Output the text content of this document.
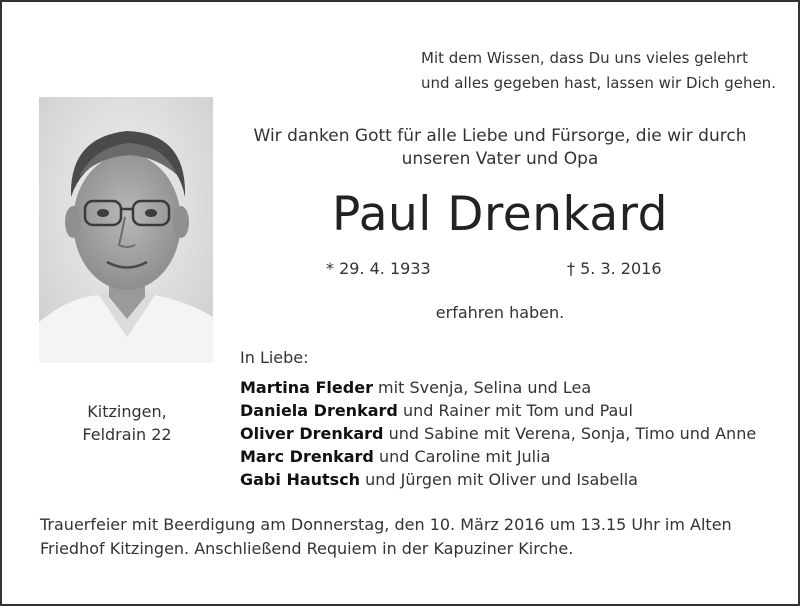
Mit dem Wissen, dass Du uns vieles gelehrt
und alles gegeben hast, lassen wir Dich gehen.
Kitzingen,
Feldrain 22
Wir danken Gott für alle Liebe und Fürsorge, die wir durch
unseren Vater und Opa
Paul Drenkard
* 29. 4. 1933	† 5. 3. 2016
erfahren haben.
In Liebe:
Martina Fleder mit Svenja, Selina und Lea
Daniela Drenkard und Rainer mit Tom und Paul
Oliver Drenkard und Sabine mit Verena, Sonja, Timo und Anne
Marc Drenkard und Caroline mit Julia
Gabi Hautsch und Jürgen mit Oliver und Isabella
Trauerfeier mit Beerdigung am Donnerstag, den 10. März 2016 um 13.15 Uhr im Alten
Friedhof Kitzingen. Anschließend Requiem in der Kapuziner Kirche.
